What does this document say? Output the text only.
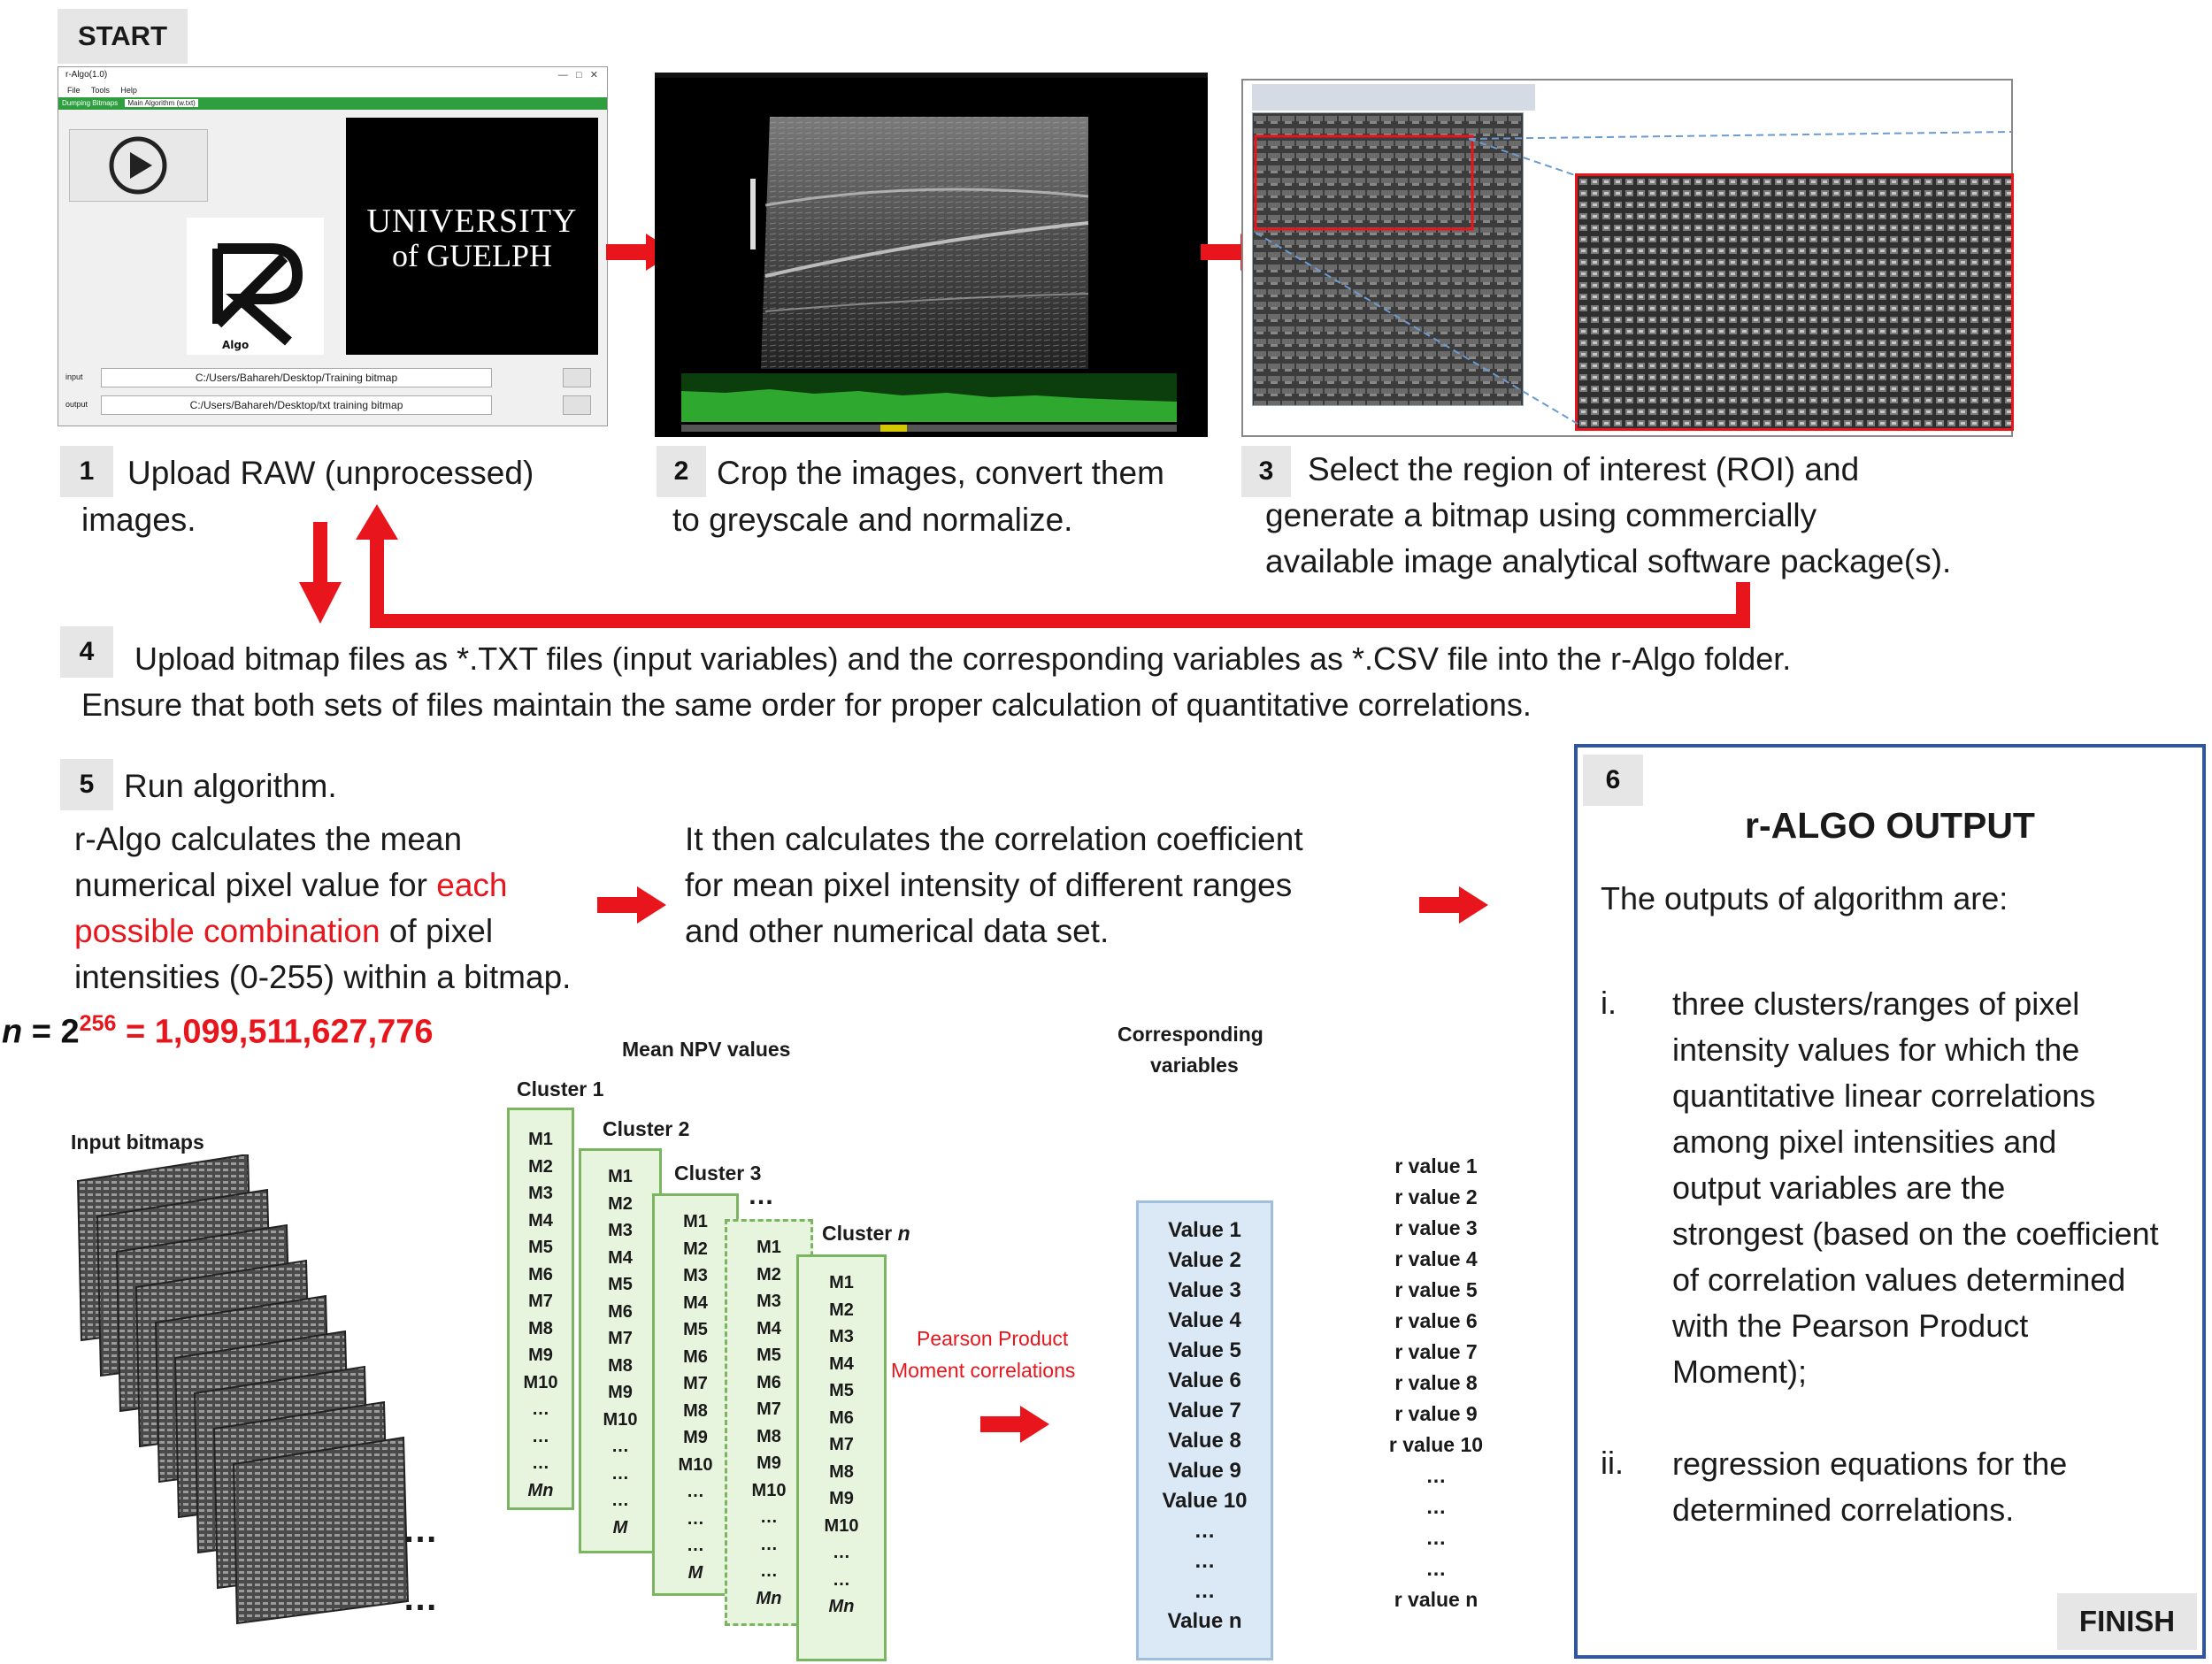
START
r-Algo(1.0)	—   □   ✕
File Tools Help
Dumping Bitmaps Main Algorithm (w.txt)
Algo
UNIVERSITY
of GUELPH
input	C:/Users/Bahareh/Desktop/Training bitmap
output	C:/Users/Bahareh/Desktop/txt training bitmap
1	Upload RAW (unprocessed)
images.
2 Crop the images, convert them
to greyscale and normalize.
3	Select the region of interest (ROI) and
generate a bitmap using commercially
available image analytical software package(s).
4	Upload bitmap files as *.TXT files (input variables) and the corresponding variables as *.CSV file into the r-Algo folder.
Ensure that both sets of files maintain the same order for proper calculation of quantitative correlations.
5 Run algorithm.
r-Algo calculates the mean
numerical pixel value for each
possible combination of pixel
intensities (0-255) within a bitmap.
It then calculates the correlation coefficient
for mean pixel intensity of different ranges
and other numerical data set.
$n = 2^{256} = 1,099,511,627,776$
Input bitmaps
…
…
Mean NPV values
Cluster 1
Cluster 2
Cluster 3
Cluster n
…
M1
M2
M3
M4
M5
M6
M7
M8
M9
M10
…
…
…
Mn
M1
M2
M3
M4
M5
M6
M7
M8
M9
M10
…
…
…
M
M1
M2
M3
M4
M5
M6
M7
M8
M9
M10
…
…
…
M
M1
M2
M3
M4
M5
M6
M7
M8
M9
M10
…
…
…
Mn
M1
M2
M3
M4
M5
M6
M7
M8
M9
M10
…
…
Mn
Pearson Product
Moment correlations
Corresponding
variables
Value 1
Value 2
Value 3
Value 4
Value 5
Value 6
Value 7
Value 8
Value 9
Value 10
…
…
…
Value n
r value 1
r value 2
r value 3
r value 4
r value 5
r value 6
r value 7
r value 8
r value 9
r value 10
…
…
…
…
r value n
6
r-ALGO OUTPUT
The outputs of algorithm are:
i. three clusters/ranges of pixel
intensity values for which the
quantitative linear correlations
among pixel intensities and
output variables are the
strongest (based on the coefficient
of correlation values determined
with the Pearson Product
Moment);
ii. regression equations for the
determined correlations.
FINISH
